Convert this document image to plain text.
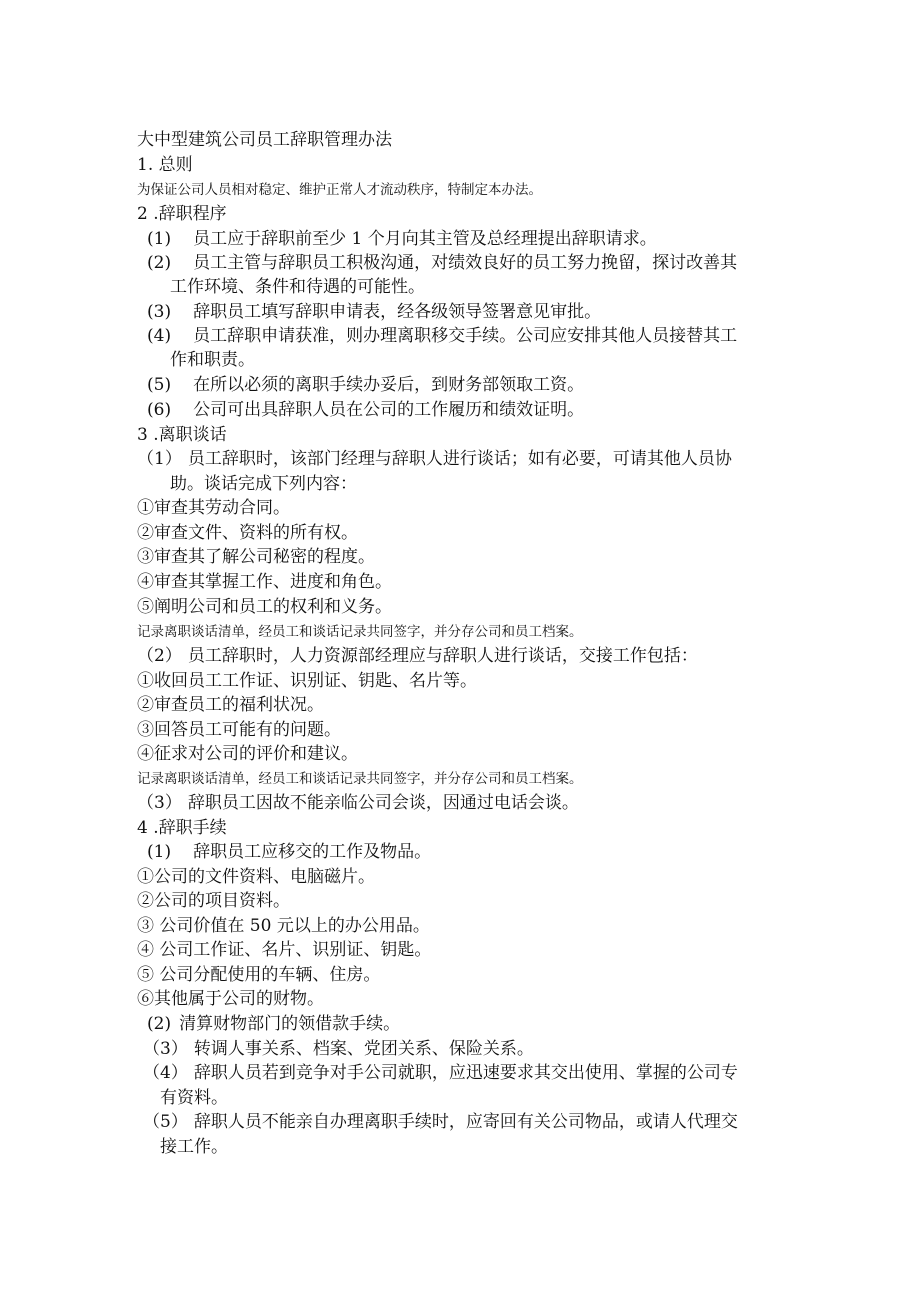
大中型建筑公司员工辞职管理办法
1. 总则
为保证公司人员相对稳定、维护正常人才流动秩序，特制定本办法。
2 .辞职程序
(1) 员工应于辞职前至少 1 个月向其主管及总经理提出辞职请求。
(2) 员工主管与辞职员工积极沟通，对绩效良好的员工努力挽留，探讨改善其
工作环境、条件和待遇的可能性。
(3) 辞职员工填写辞职申请表，经各级领导签署意见审批。
(4) 员工辞职申请获准，则办理离职移交手续。公司应安排其他人员接替其工
作和职责。
(5) 在所以必须的离职手续办妥后，到财务部领取工资。
(6) 公司可出具辞职人员在公司的工作履历和绩效证明。
3 .离职谈话
（1） 员工辞职时，该部门经理与辞职人进行谈话；如有必要，可请其他人员协
助。谈话完成下列内容：
①审查其劳动合同。
②审查文件、资料的所有权。
③审查其了解公司秘密的程度。
④审查其掌握工作、进度和角色。
⑤阐明公司和员工的权利和义务。
记录离职谈话清单，经员工和谈话记录共同签字，并分存公司和员工档案。
（2） 员工辞职时，人力资源部经理应与辞职人进行谈话，交接工作包括：
①收回员工工作证、识别证、钥匙、名片等。
②审查员工的福利状况。
③回答员工可能有的问题。
④征求对公司的评价和建议。
记录离职谈话清单，经员工和谈话记录共同签字，并分存公司和员工档案。
（3） 辞职员工因故不能亲临公司会谈，因通过电话会谈。
4 .辞职手续
(1) 辞职员工应移交的工作及物品。
①公司的文件资料、电脑磁片。
②公司的项目资料。
③ 公司价值在 50 元以上的办公用品。
④ 公司工作证、名片、识别证、钥匙。
⑤ 公司分配使用的车辆、住房。
⑥其他属于公司的财物。
(2) 清算财物部门的领借款手续。
（3） 转调人事关系、档案、党团关系、保险关系。
（4） 辞职人员若到竞争对手公司就职，应迅速要求其交出使用、掌握的公司专
有资料。
（5） 辞职人员不能亲自办理离职手续时，应寄回有关公司物品，或请人代理交
接工作。
